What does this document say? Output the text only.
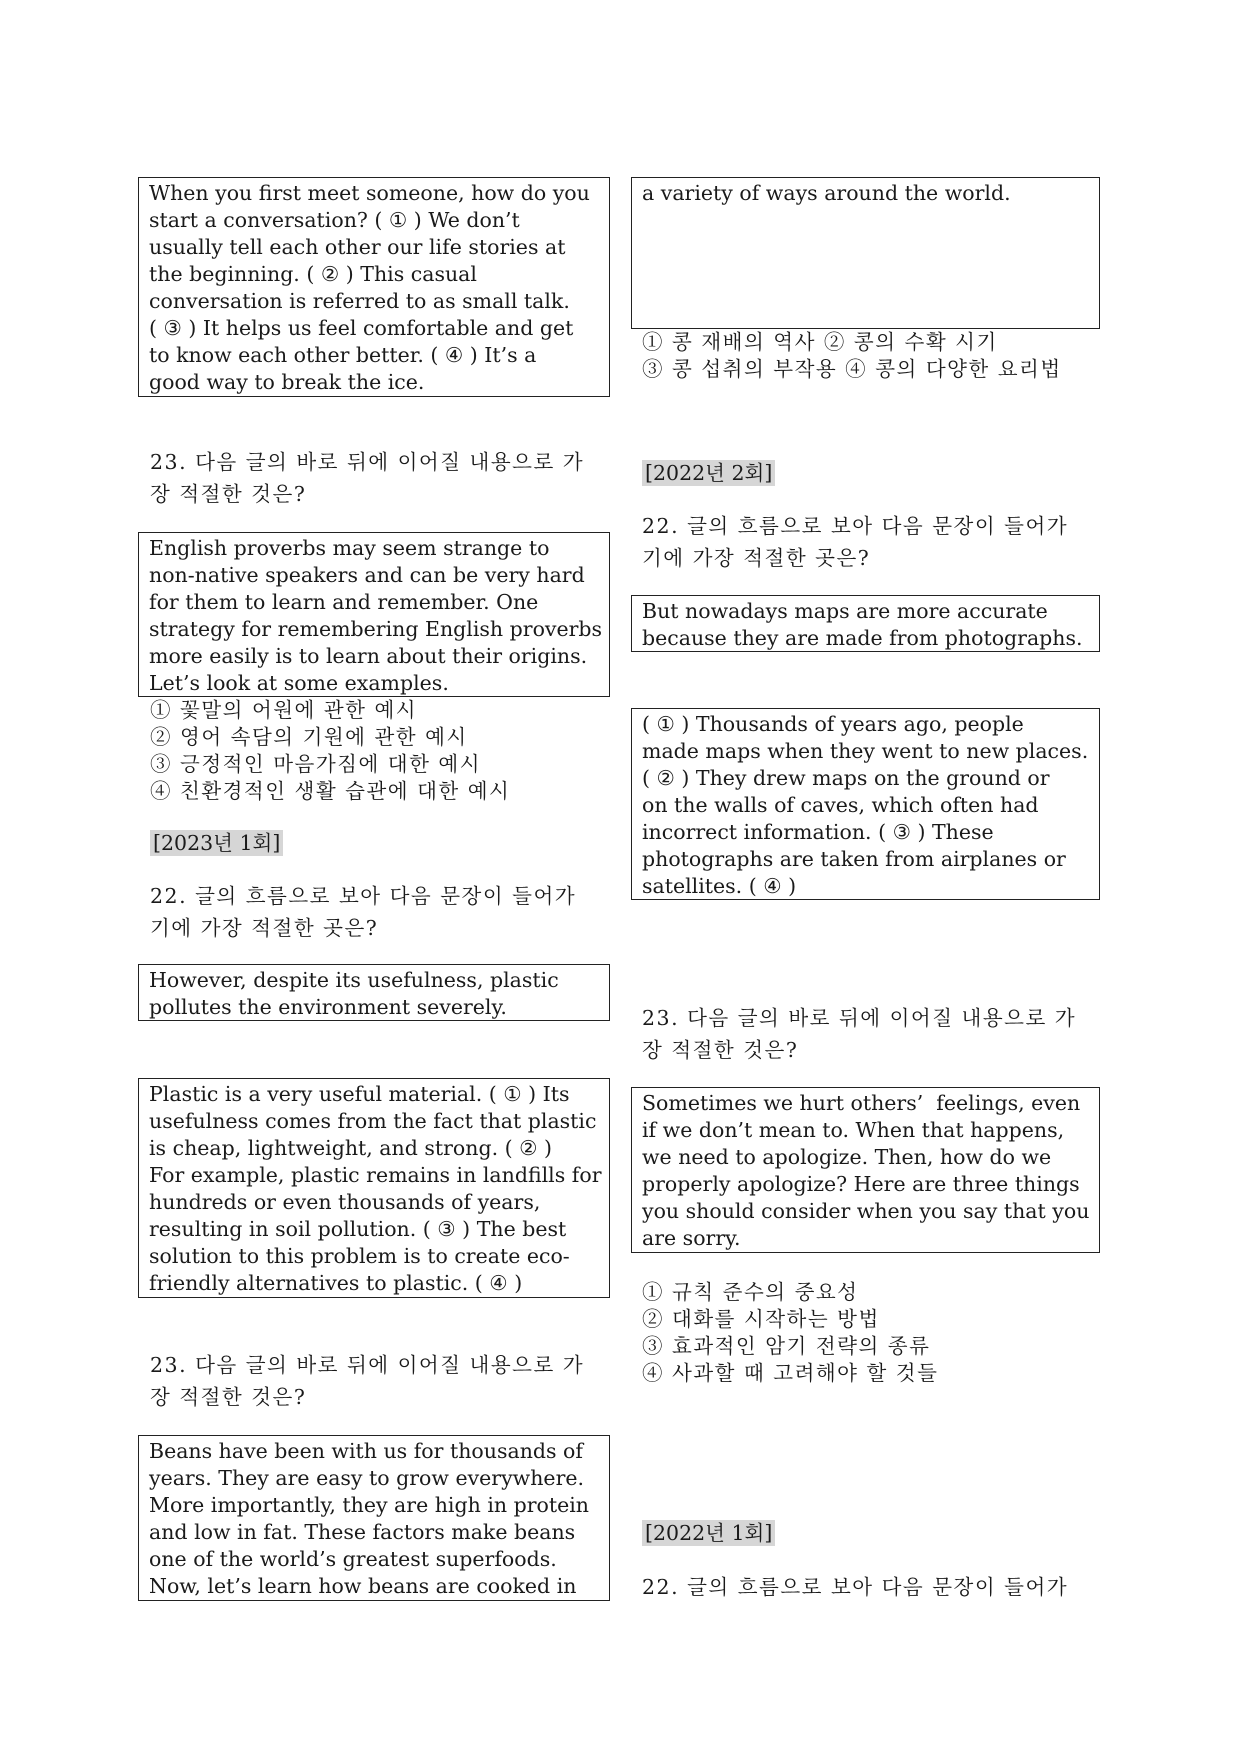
When you first meet someone, how do you
start a conversation? ( ① ) We don’t
usually tell each other our life stories at
the beginning. ( ② ) This casual
conversation is referred to as small talk.
( ③ ) It helps us feel comfortable and get
to know each other better. ( ④ ) It’s a
good way to break the ice.
23. 다음 글의 바로 뒤에 이어질 내용으로 가
장 적절한 것은?
English proverbs may seem strange to
non-native speakers and can be very hard
for them to learn and remember. One
strategy for remembering English proverbs
more easily is to learn about their origins.
Let’s look at some examples.
① 꽃말의 어원에 관한 예시
② 영어 속담의 기원에 관한 예시
③ 긍정적인 마음가짐에 대한 예시
④ 친환경적인 생활 습관에 대한 예시
[2023년 1회]
22. 글의 흐름으로 보아 다음 문장이 들어가
기에 가장 적절한 곳은?
However, despite its usefulness, plastic
pollutes the environment severely.
Plastic is a very useful material. ( ① ) Its
usefulness comes from the fact that plastic
is cheap, lightweight, and strong. ( ② )
For example, plastic remains in landfills for
hundreds or even thousands of years,
resulting in soil pollution. ( ③ ) The best
solution to this problem is to create eco-
friendly alternatives to plastic. ( ④ )
23. 다음 글의 바로 뒤에 이어질 내용으로 가
장 적절한 것은?
Beans have been with us for thousands of
years. They are easy to grow everywhere.
More importantly, they are high in protein
and low in fat. These factors make beans
one of the world’s greatest superfoods.
Now, let’s learn how beans are cooked in
a variety of ways around the world.
① 콩 재배의 역사 ② 콩의 수확 시기
③ 콩 섭취의 부작용 ④ 콩의 다양한 요리법
[2022년 2회]
22. 글의 흐름으로 보아 다음 문장이 들어가
기에 가장 적절한 곳은?
But nowadays maps are more accurate
because they are made from photographs.
( ① ) Thousands of years ago, people
made maps when they went to new places.
( ② ) They drew maps on the ground or
on the walls of caves, which often had
incorrect information. ( ③ ) These
photographs are taken from airplanes or
satellites. ( ④ )
23. 다음 글의 바로 뒤에 이어질 내용으로 가
장 적절한 것은?
Sometimes we hurt others’  feelings, even
if we don’t mean to. When that happens,
we need to apologize. Then, how do we
properly apologize? Here are three things
you should consider when you say that you
are sorry.
① 규칙 준수의 중요성
② 대화를 시작하는 방법
③ 효과적인 암기 전략의 종류
④ 사과할 때 고려해야 할 것들
[2022년 1회]
22. 글의 흐름으로 보아 다음 문장이 들어가
